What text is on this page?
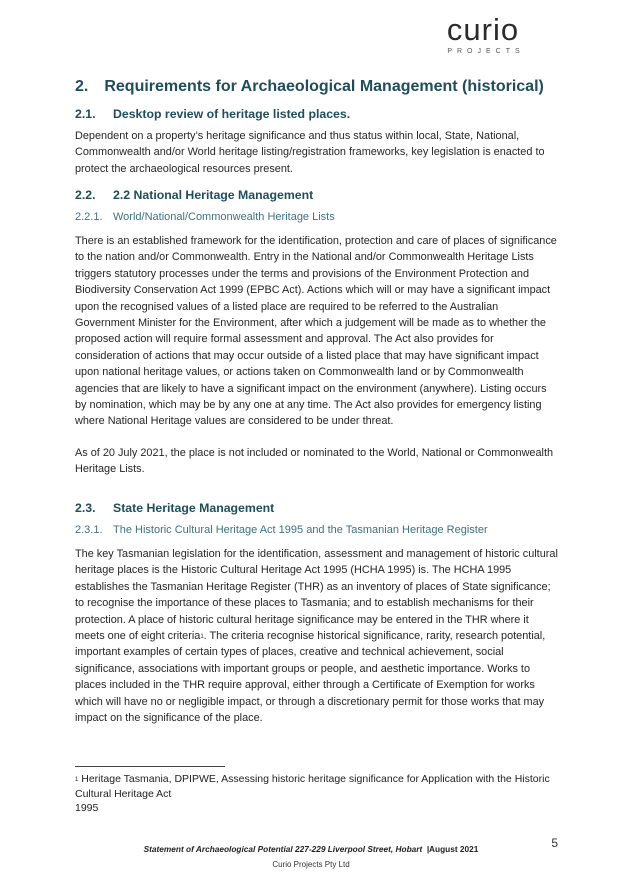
curio
PROJECTS
2. Requirements for Archaeological Management (historical)
2.1.	Desktop review of heritage listed places.

Dependent on a property’s heritage significance and thus status within local, State, National, Commonwealth and/or World heritage listing/registration frameworks, key legislation is enacted to protect the archaeological resources present.

2.2.	2.2 National Heritage Management
2.2.1. World/National/Commonwealth Heritage Lists

There is an established framework for the identification, protection and care of places of significance to the nation and/or Commonwealth. Entry in the National and/or Commonwealth Heritage Lists triggers statutory processes under the terms and provisions of the Environment Protection and Biodiversity Conservation Act 1999 (EPBC Act). Actions which will or may have a significant impact upon the recognised values of a listed place are required to be referred to the Australian Government Minister for the Environment, after which a judgement will be made as to whether the proposed action will require formal assessment and approval. The Act also provides for consideration of actions that may occur outside of a listed place that may have significant impact upon national heritage values, or actions taken on Commonwealth land or by Commonwealth agencies that are likely to have a significant impact on the environment (anywhere). Listing occurs by nomination, which may be by any one at any time. The Act also provides for emergency listing where National Heritage values are considered to be under threat.

As of 20 July 2021, the place is not included or nominated to the World, National or Commonwealth Heritage Lists.

2.3.	State Heritage Management
2.3.1. The Historic Cultural Heritage Act 1995 and the Tasmanian Heritage Register

The key Tasmanian legislation for the identification, assessment and management of historic cultural heritage places is the Historic Cultural Heritage Act 1995 (HCHA 1995) is. The HCHA 1995 establishes the Tasmanian Heritage Register (THR) as an inventory of places of State significance; to recognise the importance of these places to Tasmania; and to establish mechanisms for their protection. A place of historic cultural heritage significance may be entered in the THR where it meets one of eight criteria$^1$. The criteria recognise historical significance, rarity, research potential, important examples of certain types of places, creative and technical achievement, social significance, associations with important groups or people, and aesthetic importance. Works to places included in the THR require approval, either through a Certificate of Exemption for works which will have no or negligible impact, or through a discretionary permit for those works that may impact on the significance of the place.

$^1$ Heritage Tasmania, DPIPWE, Assessing historic heritage significance for Application with the Historic Cultural Heritage Act
1995
Statement of Archaeological Potential 227-229 Liverpool Street, Hobart |August 2021
Curio Projects Pty Ltd
5
